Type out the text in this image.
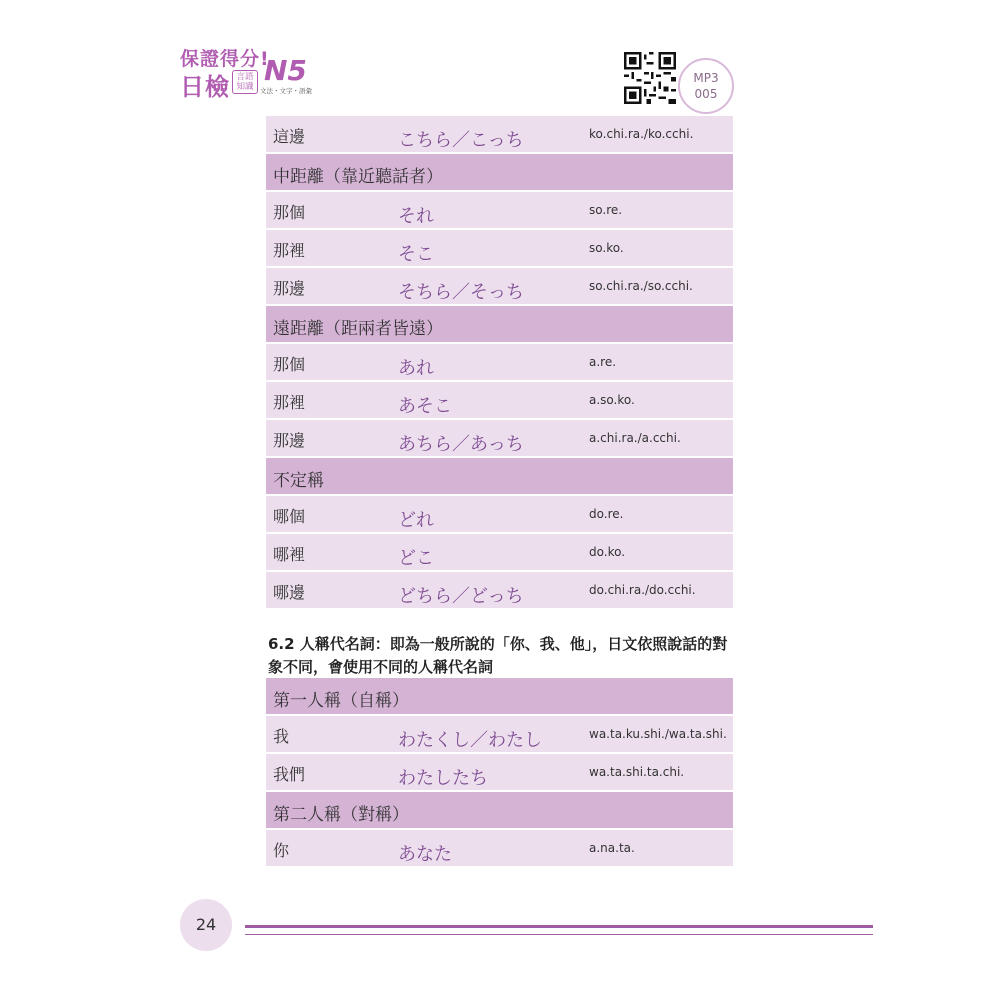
保證得分!
日檢 言語知識 N5
文法・文字・語彙
MP3
005
這邊	こちら／こっち	ko.chi.ra./ko.cchi.
中距離（靠近聽話者）
那個	それ	so.re.
那裡	そこ	so.ko.
那邊	そちら／そっち	so.chi.ra./so.cchi.
遠距離（距兩者皆遠）
那個	あれ	a.re.
那裡	あそこ	a.so.ko.
那邊	あちら／あっち	a.chi.ra./a.cchi.
不定稱
哪個	どれ	do.re.
哪裡	どこ	do.ko.
哪邊	どちら／どっち	do.chi.ra./do.cchi.
6.2 人稱代名詞：即為一般所說的「你、我、他」，日文依照說話的對象不同，會使用不同的人稱代名詞
第一人稱（自稱）
我	わたくし／わたし	wa.ta.ku.shi./wa.ta.shi.
我們	わたしたち	wa.ta.shi.ta.chi.
第二人稱（對稱）
你	あなた	a.na.ta.
24
